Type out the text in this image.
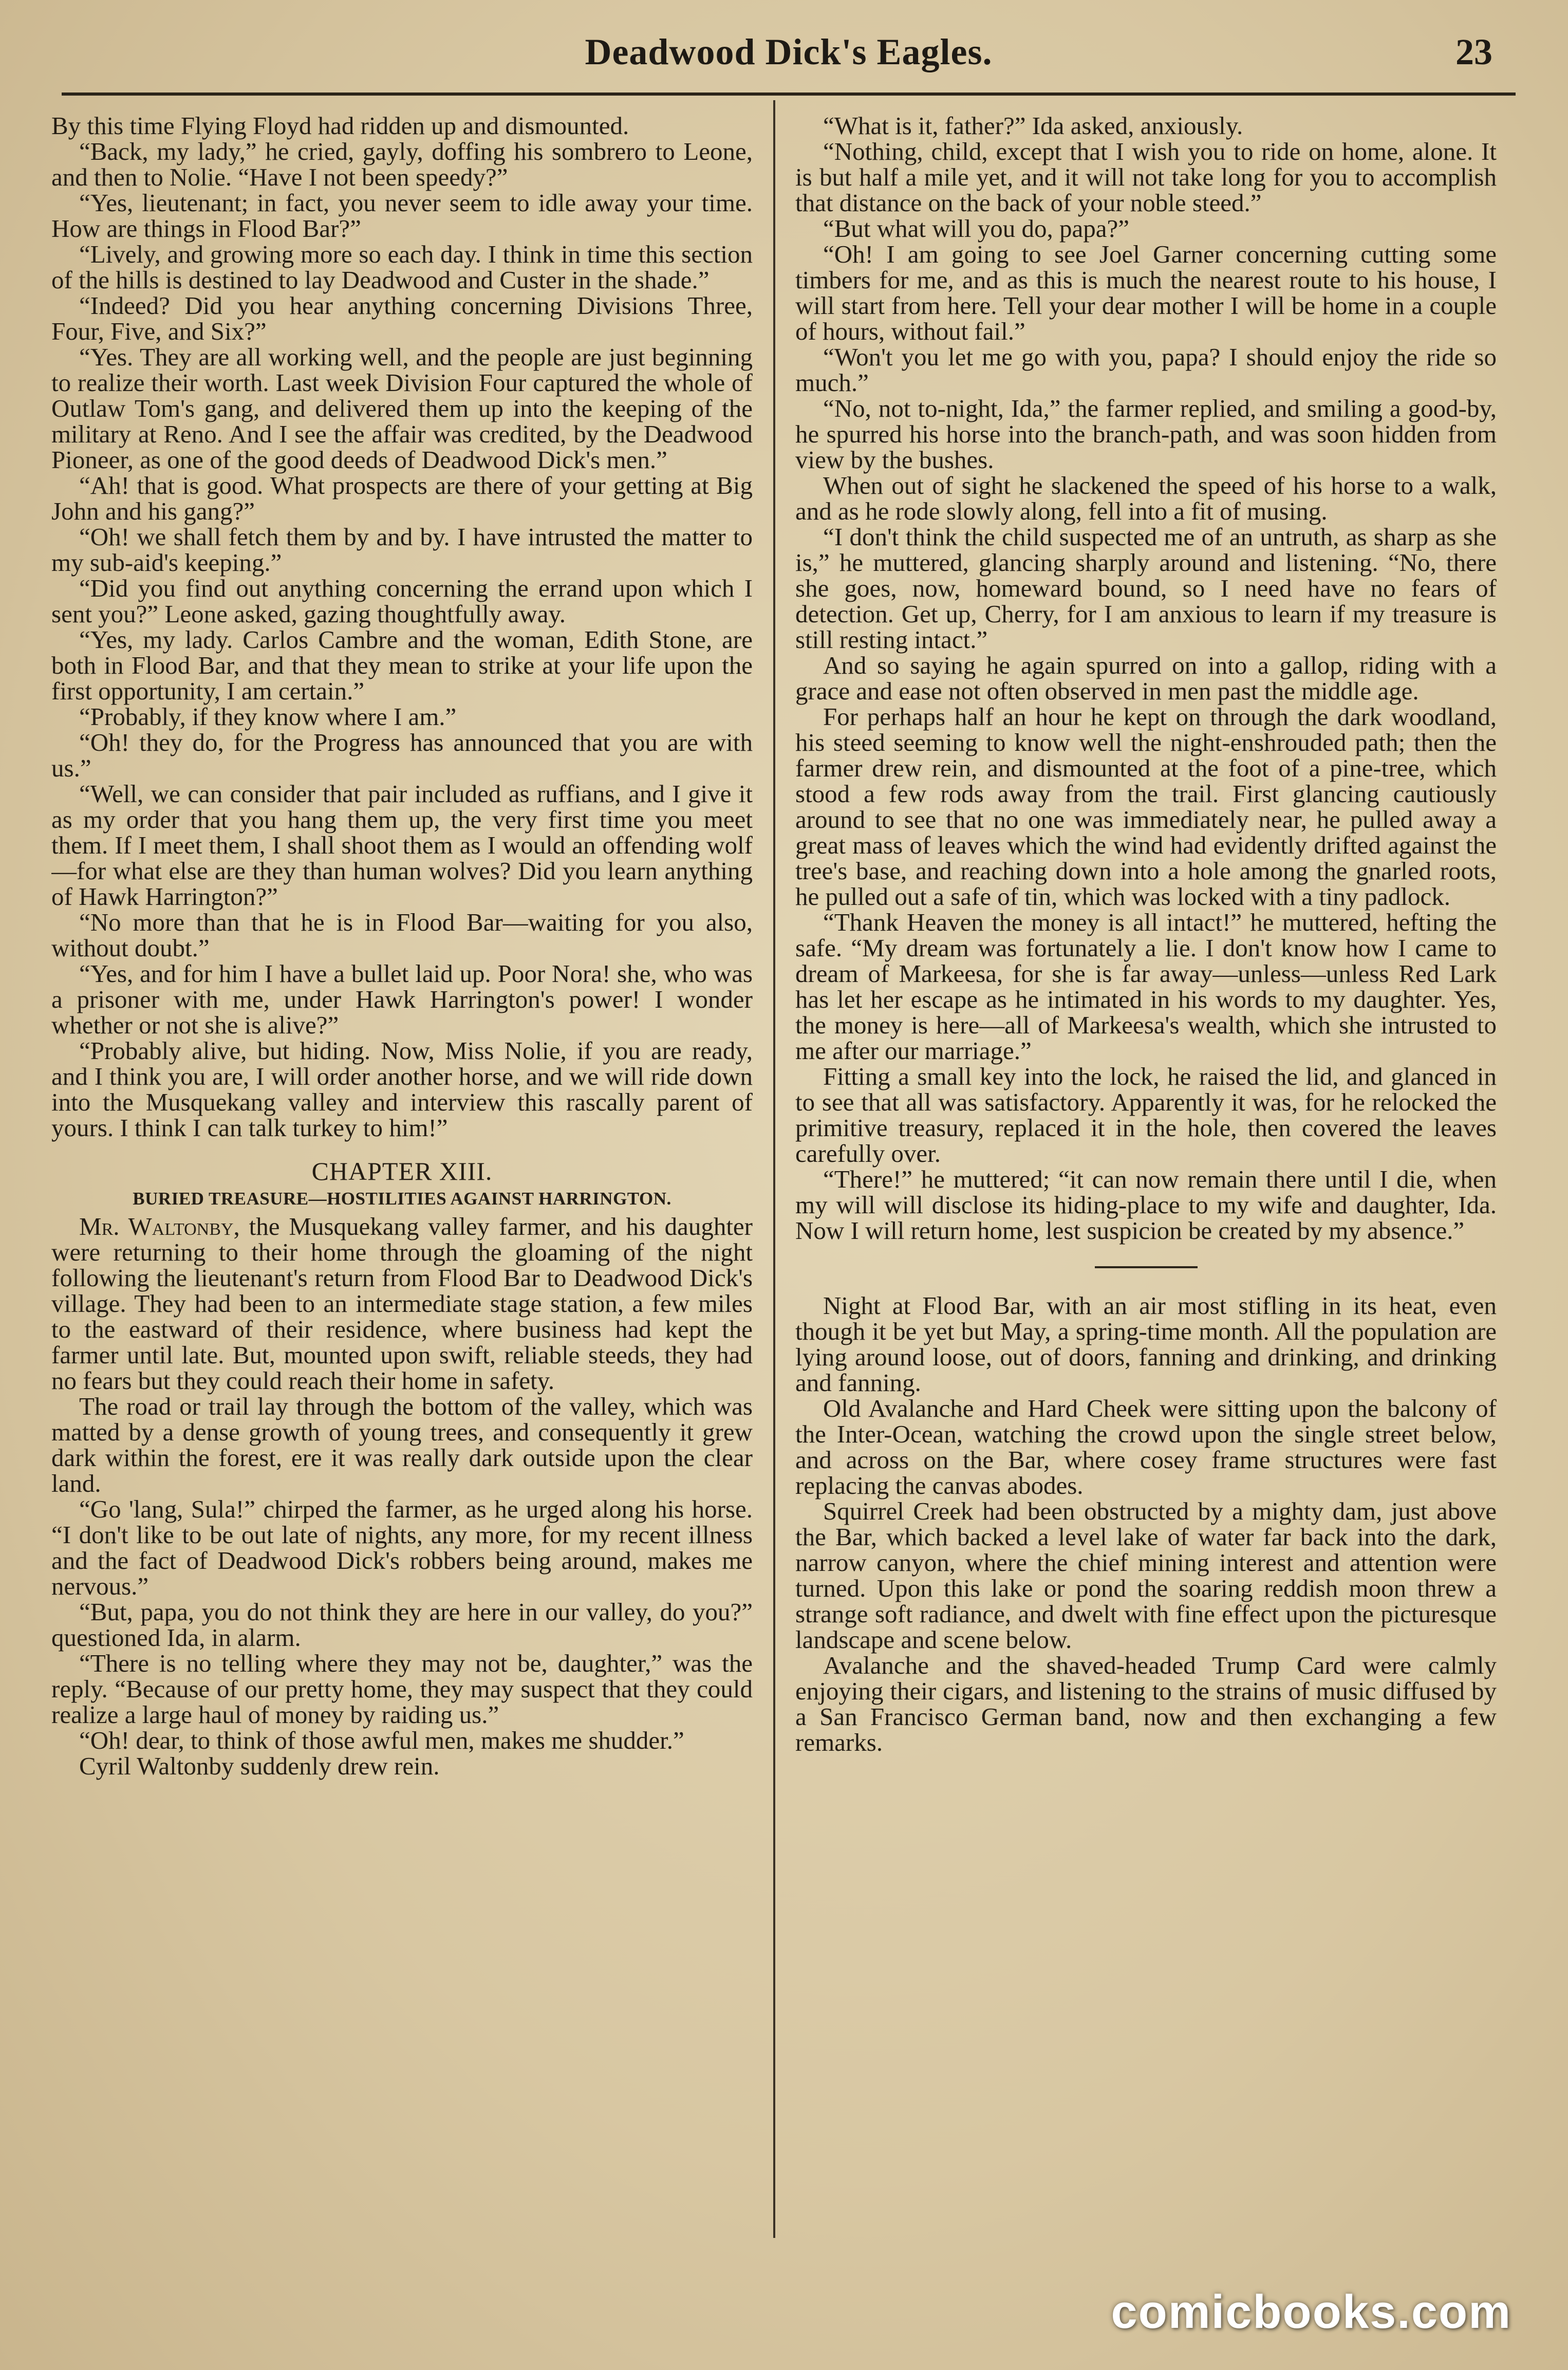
Deadwood Dick's Eagles.	23

By this time Flying Floyd had ridden up and dismounted.

“Back, my lady,” he cried, gayly, doffing his sombrero to Leone, and then to Nolie. “Have I not been speedy?”

“Yes, lieutenant; in fact, you never seem to idle away your time. How are things in Flood Bar?”

“Lively, and growing more so each day. I think in time this section of the hills is destined to lay Deadwood and Custer in the shade.”

“Indeed? Did you hear anything concerning Divisions Three, Four, Five, and Six?”

“Yes. They are all working well, and the people are just beginning to realize their worth. Last week Division Four captured the whole of Outlaw Tom's gang, and delivered them up into the keeping of the military at Reno. And I see the affair was credited, by the Deadwood Pioneer, as one of the good deeds of Deadwood Dick's men.”

“Ah! that is good. What prospects are there of your getting at Big John and his gang?”

“Oh! we shall fetch them by and by. I have intrusted the matter to my sub-aid's keeping.”

“Did you find out anything concerning the errand upon which I sent you?” Leone asked, gazing thoughtfully away.

“Yes, my lady. Carlos Cambre and the woman, Edith Stone, are both in Flood Bar, and that they mean to strike at your life upon the first opportunity, I am certain.”

“Probably, if they know where I am.”

“Oh! they do, for the Progress has announced that you are with us.”

“Well, we can consider that pair included as ruffians, and I give it as my order that you hang them up, the very first time you meet them. If I meet them, I shall shoot them as I would an offending wolf—for what else are they than human wolves? Did you learn anything of Hawk Harrington?”

“No more than that he is in Flood Bar—waiting for you also, without doubt.”

“Yes, and for him I have a bullet laid up. Poor Nora! she, who was a prisoner with me, under Hawk Harrington's power! I wonder whether or not she is alive?”

“Probably alive, but hiding. Now, Miss Nolie, if you are ready, and I think you are, I will order another horse, and we will ride down into the Musquekang valley and interview this rascally parent of yours. I think I can talk turkey to him!”

CHAPTER XIII.
BURIED TREASURE—HOSTILITIES AGAINST HARRINGTON.

Mr. Waltonby, the Musquekang valley farmer, and his daughter were returning to their home through the gloaming of the night following the lieutenant's return from Flood Bar to Deadwood Dick's village. They had been to an intermediate stage station, a few miles to the eastward of their residence, where business had kept the farmer until late. But, mounted upon swift, reliable steeds, they had no fears but they could reach their home in safety.

The road or trail lay through the bottom of the valley, which was matted by a dense growth of young trees, and consequently it grew dark within the forest, ere it was really dark outside upon the clear land.

“Go 'lang, Sula!” chirped the farmer, as he urged along his horse. “I don't like to be out late of nights, any more, for my recent illness and the fact of Deadwood Dick's robbers being around, makes me nervous.”

“But, papa, you do not think they are here in our valley, do you?” questioned Ida, in alarm.

“There is no telling where they may not be, daughter,” was the reply. “Because of our pretty home, they may suspect that they could realize a large haul of money by raiding us.”

“Oh! dear, to think of those awful men, makes me shudder.”

Cyril Waltonby suddenly drew rein.

“What is it, father?” Ida asked, anxiously.

“Nothing, child, except that I wish you to ride on home, alone. It is but half a mile yet, and it will not take long for you to accomplish that distance on the back of your noble steed.”

“But what will you do, papa?”

“Oh! I am going to see Joel Garner concerning cutting some timbers for me, and as this is much the nearest route to his house, I will start from here. Tell your dear mother I will be home in a couple of hours, without fail.”

“Won't you let me go with you, papa? I should enjoy the ride so much.”

“No, not to-night, Ida,” the farmer replied, and smiling a good-by, he spurred his horse into the branch-path, and was soon hidden from view by the bushes.

When out of sight he slackened the speed of his horse to a walk, and as he rode slowly along, fell into a fit of musing.

“I don't think the child suspected me of an untruth, as sharp as she is,” he muttered, glancing sharply around and listening. “No, there she goes, now, homeward bound, so I need have no fears of detection. Get up, Cherry, for I am anxious to learn if my treasure is still resting intact.”

And so saying he again spurred on into a gallop, riding with a grace and ease not often observed in men past the middle age.

For perhaps half an hour he kept on through the dark woodland, his steed seeming to know well the night-enshrouded path; then the farmer drew rein, and dismounted at the foot of a pine-tree, which stood a few rods away from the trail. First glancing cautiously around to see that no one was immediately near, he pulled away a great mass of leaves which the wind had evidently drifted against the tree's base, and reaching down into a hole among the gnarled roots, he pulled out a safe of tin, which was locked with a tiny padlock.

“Thank Heaven the money is all intact!” he muttered, hefting the safe. “My dream was fortunately a lie. I don't know how I came to dream of Markeesa, for she is far away—unless—unless Red Lark has let her escape as he intimated in his words to my daughter. Yes, the money is here—all of Markeesa's wealth, which she intrusted to me after our marriage.”

Fitting a small key into the lock, he raised the lid, and glanced in to see that all was satisfactory. Apparently it was, for he relocked the primitive treasury, replaced it in the hole, then covered the leaves carefully over.

“There!” he muttered; “it can now remain there until I die, when my will will disclose its hiding-place to my wife and daughter, Ida. Now I will return home, lest suspicion be created by my absence.”

Night at Flood Bar, with an air most stifling in its heat, even though it be yet but May, a spring-time month. All the population are lying around loose, out of doors, fanning and drinking, and drinking and fanning.

Old Avalanche and Hard Cheek were sitting upon the balcony of the Inter-Ocean, watching the crowd upon the single street below, and across on the Bar, where cosey frame structures were fast replacing the canvas abodes.

Squirrel Creek had been obstructed by a mighty dam, just above the Bar, which backed a level lake of water far back into the dark, narrow canyon, where the chief mining interest and attention were turned. Upon this lake or pond the soaring reddish moon threw a strange soft radiance, and dwelt with fine effect upon the picturesque landscape and scene below.

Avalanche and the shaved-headed Trump Card were calmly enjoying their cigars, and listening to the strains of music diffused by a San Francisco German band, now and then exchanging a few remarks.

comicbooks.com
